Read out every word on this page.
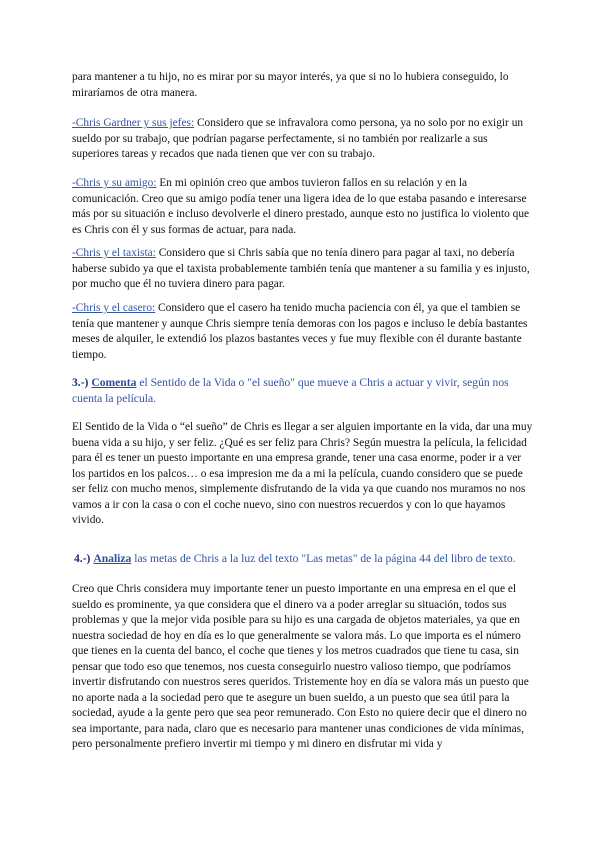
para mantener a tu hijo, no es mirar por su mayor interés, ya que si no lo hubiera conseguido, lo miraríamos de otra manera.

-Chris Gardner y sus jefes: Considero que se infravalora como persona, ya no solo por no exigir un sueldo por su trabajo, que podrían pagarse perfectamente, si no también por realizarle a sus superiores tareas y recados que nada tienen que ver con su trabajo.

-Chris y su amigo: En mi opinión creo que ambos tuvieron fallos en su relación y en la comunicación. Creo que su amigo podía tener una ligera idea de lo que estaba pasando e interesarse más por su situación e incluso devolverle el dinero prestado, aunque esto no justifica lo violento que es Chris con él y sus formas de actuar, para nada.

-Chris y el taxista: Considero que si Chris sabía que no tenía dinero para pagar al taxi, no debería haberse subido ya que el taxista probablemente también tenía que mantener a su familia y es injusto, por mucho que él no tuviera dinero para pagar.

-Chris y el casero: Considero que el casero ha tenido mucha paciencia con él, ya que el tambien se tenía que mantener y aunque Chris siempre tenía demoras con los pagos e incluso le debía bastantes meses de alquiler, le extendió los plazos bastantes veces y fue muy flexible con él durante bastante tiempo.

3.-) Comenta el Sentido de la Vida o "el sueño" que mueve a Chris a actuar y vivir, según nos cuenta la película.

El Sentido de la Vida o “el sueño” de Chris es llegar a ser alguien importante en la vida, dar una muy buena vida a su hijo, y ser feliz. ¿Qué es ser feliz para Chris? Según muestra la película, la felicidad para él es tener un puesto importante en una empresa grande, tener una casa enorme, poder ir a ver los partidos en los palcos… o esa impresion me da a mi la película, cuando considero que se puede ser feliz con mucho menos, simplemente disfrutando de la vida ya que cuando nos muramos no nos vamos a ir con la casa o con el coche nuevo, sino con nuestros recuerdos y con lo que hayamos vivido.

4.-) Analiza las metas de Chris a la luz del texto "Las metas" de la página 44 del libro de texto.

Creo que Chris considera muy importante tener un puesto importante en una empresa en el que el sueldo es prominente, ya que considera que el dinero va a poder arreglar su situación, todos sus problemas y que la mejor vida posible para su hijo es una cargada de objetos materiales, ya que en nuestra sociedad de hoy en día es lo que generalmente se valora más. Lo que importa es el número que tienes en la cuenta del banco, el coche que tienes y los metros cuadrados que tiene tu casa, sin pensar que todo eso que tenemos, nos cuesta conseguirlo nuestro valioso tiempo, que podríamos invertir disfrutando con nuestros seres queridos. Tristemente hoy en día se valora más un puesto que no aporte nada a la sociedad pero que te asegure un buen sueldo, a un puesto que sea útil para la sociedad, ayude a la gente pero que sea peor remunerado. Con Esto no quiere decir que el dinero no sea importante, para nada, claro que es necesario para mantener unas condiciones de vida mínimas, pero personalmente prefiero invertir mi tiempo y mi dinero en disfrutar mi vida y
